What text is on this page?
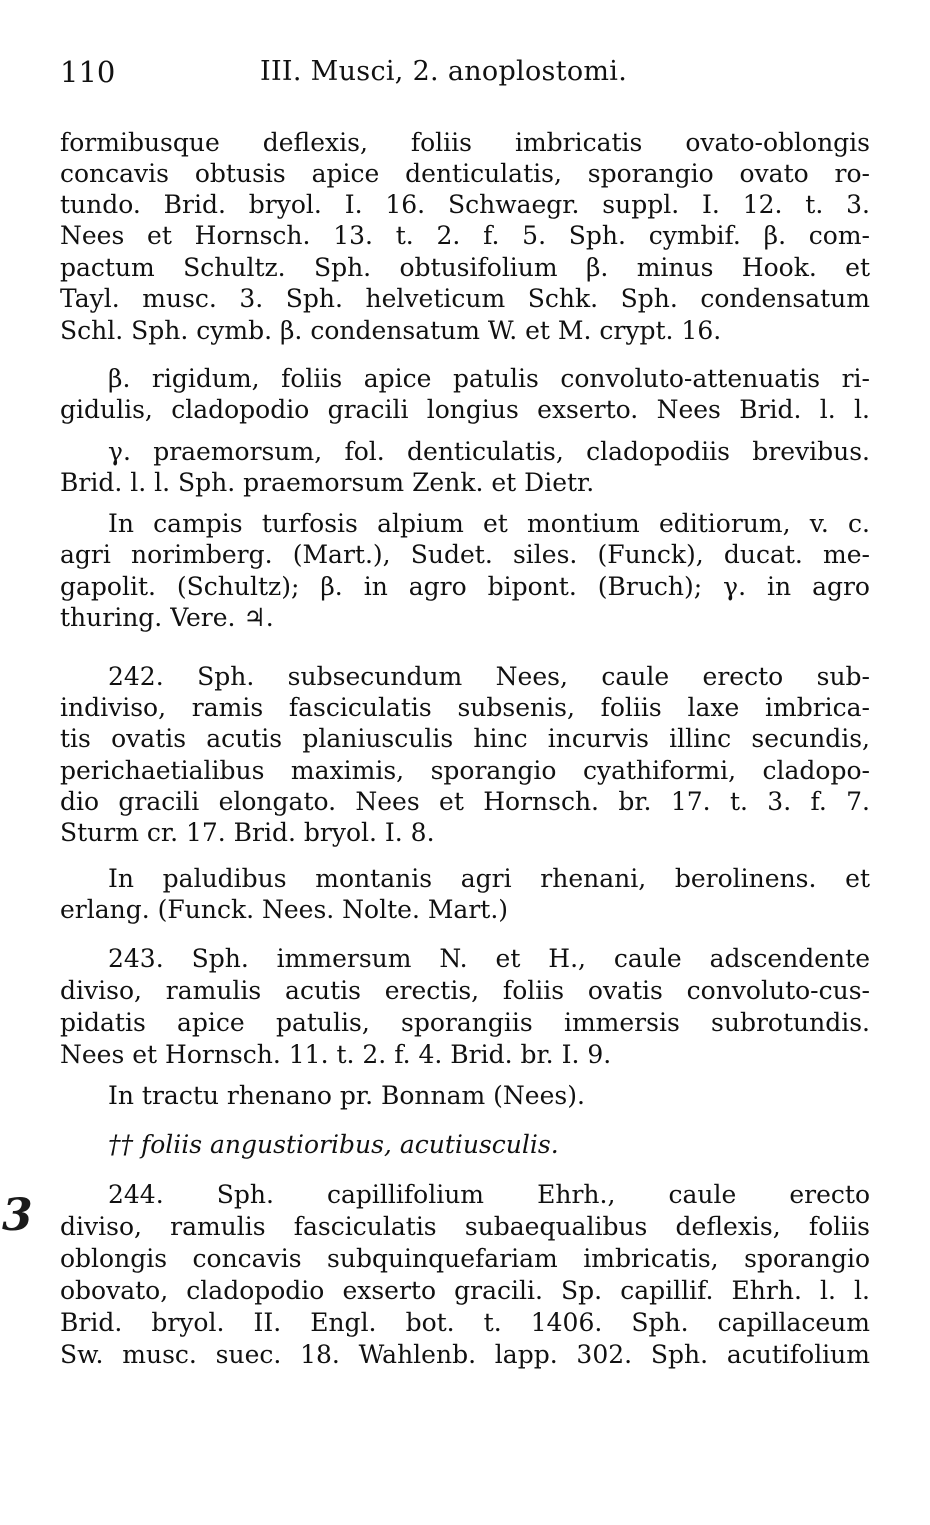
110	III. Musci, 2. anoplostomi.
formibusque deflexis, foliis imbricatis ovato-oblongis
concavis obtusis apice denticulatis, sporangio ovato ro-
tundo. Brid. bryol. I. 16. Schwaegr. suppl. I. 12. t. 3.
Nees et Hornsch. 13. t. 2. f. 5. Sph. cymbif. β. com-
pactum Schultz. Sph. obtusifolium β. minus Hook. et
Tayl. musc. 3. Sph. helveticum Schk. Sph. condensatum
Schl. Sph. cymb. β. condensatum W. et M. crypt. 16.
β. rigidum, foliis apice patulis convoluto-attenuatis ri-
gidulis, cladopodio gracili longius exserto. Nees Brid. l. l.
γ. praemorsum, fol. denticulatis, cladopodiis brevibus.
Brid. l. l. Sph. praemorsum Zenk. et Dietr.
In campis turfosis alpium et montium editiorum, v. c.
agri norimberg. (Mart.), Sudet. siles. (Funck), ducat. me-
gapolit. (Schultz); β. in agro bipont. (Bruch); γ. in agro
thuring. Vere. ♃.
242. Sph. subsecundum Nees, caule erecto sub-
indiviso, ramis fasciculatis subsenis, foliis laxe imbrica-
tis ovatis acutis planiusculis hinc incurvis illinc secundis,
perichaetialibus maximis, sporangio cyathiformi, cladopo-
dio gracili elongato. Nees et Hornsch. br. 17. t. 3. f. 7.
Sturm cr. 17. Brid. bryol. I. 8.
In paludibus montanis agri rhenani, berolinens. et
erlang. (Funck. Nees. Nolte. Mart.)
243. Sph. immersum N. et H., caule adscendente
diviso, ramulis acutis erectis, foliis ovatis convoluto-cus-
pidatis apice patulis, sporangiis immersis subrotundis.
Nees et Hornsch. 11. t. 2. f. 4. Brid. br. I. 9.
In tractu rhenano pr. Bonnam (Nees).
†† foliis angustioribus, acutiusculis.
244. Sph. capillifolium Ehrh., caule erecto
diviso, ramulis fasciculatis subaequalibus deflexis, foliis
oblongis concavis subquinquefariam imbricatis, sporangio
obovato, cladopodio exserto gracili. Sp. capillif. Ehrh. l. l.
Brid. bryol. II. Engl. bot. t. 1406. Sph. capillaceum
Sw. musc. suec. 18. Wahlenb. lapp. 302. Sph. acutifolium
3
